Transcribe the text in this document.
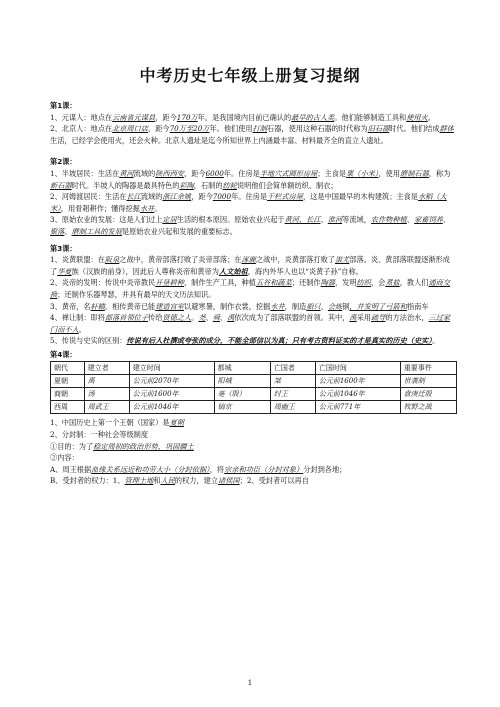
中考历史七年级上册复习提纲
第1课：

1、元谋人：地点在云南省元谋县，距今170万年，是我国境内目前已确认的最早的古人类。他们能够制造工具和使用火。

2、北京人：地点在北京周口店，距今70万至20万年。他们使用打制石器，使用这种石器的时代称为旧石器时代。他们结成群体生活，已经学会使用火，还会火种。北京人遗址是迄今所知世界上内涵最丰富、材料最齐全的直立人遗址。

第2课：

1、半坡居民：生活在黄河流域的陕西西安，距今6000年。住房是半地穴式圆形房屋；主食是粟（小米），使用磨制石器，称为新石器时代。半坡人的陶器是最具特色的彩陶，石制的纺轮说明他们会简单额纺织、制衣；

2、河姆渡居民：生活在长江流域的浙江余姚，距今7000年。住房是干栏式房屋，这是中国最早的木构建筑；主食是水稻（大米），用骨耜耕作；懂得挖掘水井。

3、原始农业的发展：这是人们过上定居生活的根本原因。原始农业兴起于黄河、长江、淮河等流域，农作物种植、家畜饲养、聚落、磨制工具的发展是原始农业兴起和发展的重要标志。

第3课：

1、炎黄联盟：在阪泉之战中，黄帝部落打败了炎帝部落；在涿鹿之战中，炎黄部落打败了蚩尤部落。炎、黄部落联盟逐渐形成了华夏族（汉族的前身），因此后人尊称炎帝和黄帝为人文始祖，海内外华人也以“炎黄子孙”自称。

2、炎帝的发明：传说中炎帝教民开垦耕种，制作生产工具，种植五谷和蔬菜；还制作陶器，发明纺织，会煮盐，教人们通商交换；还制作乐器琴瑟，并具有最早的天文历法知识。

3、黄帝，名轩辕。相传黄帝已能建造宫室以避寒暑，制作衣裳，挖掘水井，制造船只、会炼铜，并发明了弓箭和指南车

4、禅让制：即将部落首领位子传给贤德之人。尧、舜、禹依次成为了部落联盟的首领。其中，禹采用疏导的方法治水，三过家门而不入。

5、传说与史实的区别：传说有后人杜撰或夸张的成分，不能全部信以为真；只有考古资料证实的才是真实的历史（史实）。

第4课：
朝代	建立者	建立时间	都城	亡国者	亡国时间	重要事件
夏朝	禹	公元前2070年	阳城	桀	公元前1600年	世袭制
商朝	汤	公元前1600年	亳（殷）	纣王	公元前1046年	盘庚迁殷
西周	周武王	公元前1046年	镐京	周幽王	公元前771年	牧野之战

1、中国历史上第一个王朝（国家）是夏朝

2、分封制：一种社会等级制度

①目的：为了稳定周初的政治形势，巩固疆土

②内容：

A、周王根据血缘关系远近和功劳大小（分封依据），将宗亲和功臣（分封对象）分封到各地；

B、受封者的权力：1、管理土地和人民的权力，建立诸侯国；2、受封者可以再自

1
